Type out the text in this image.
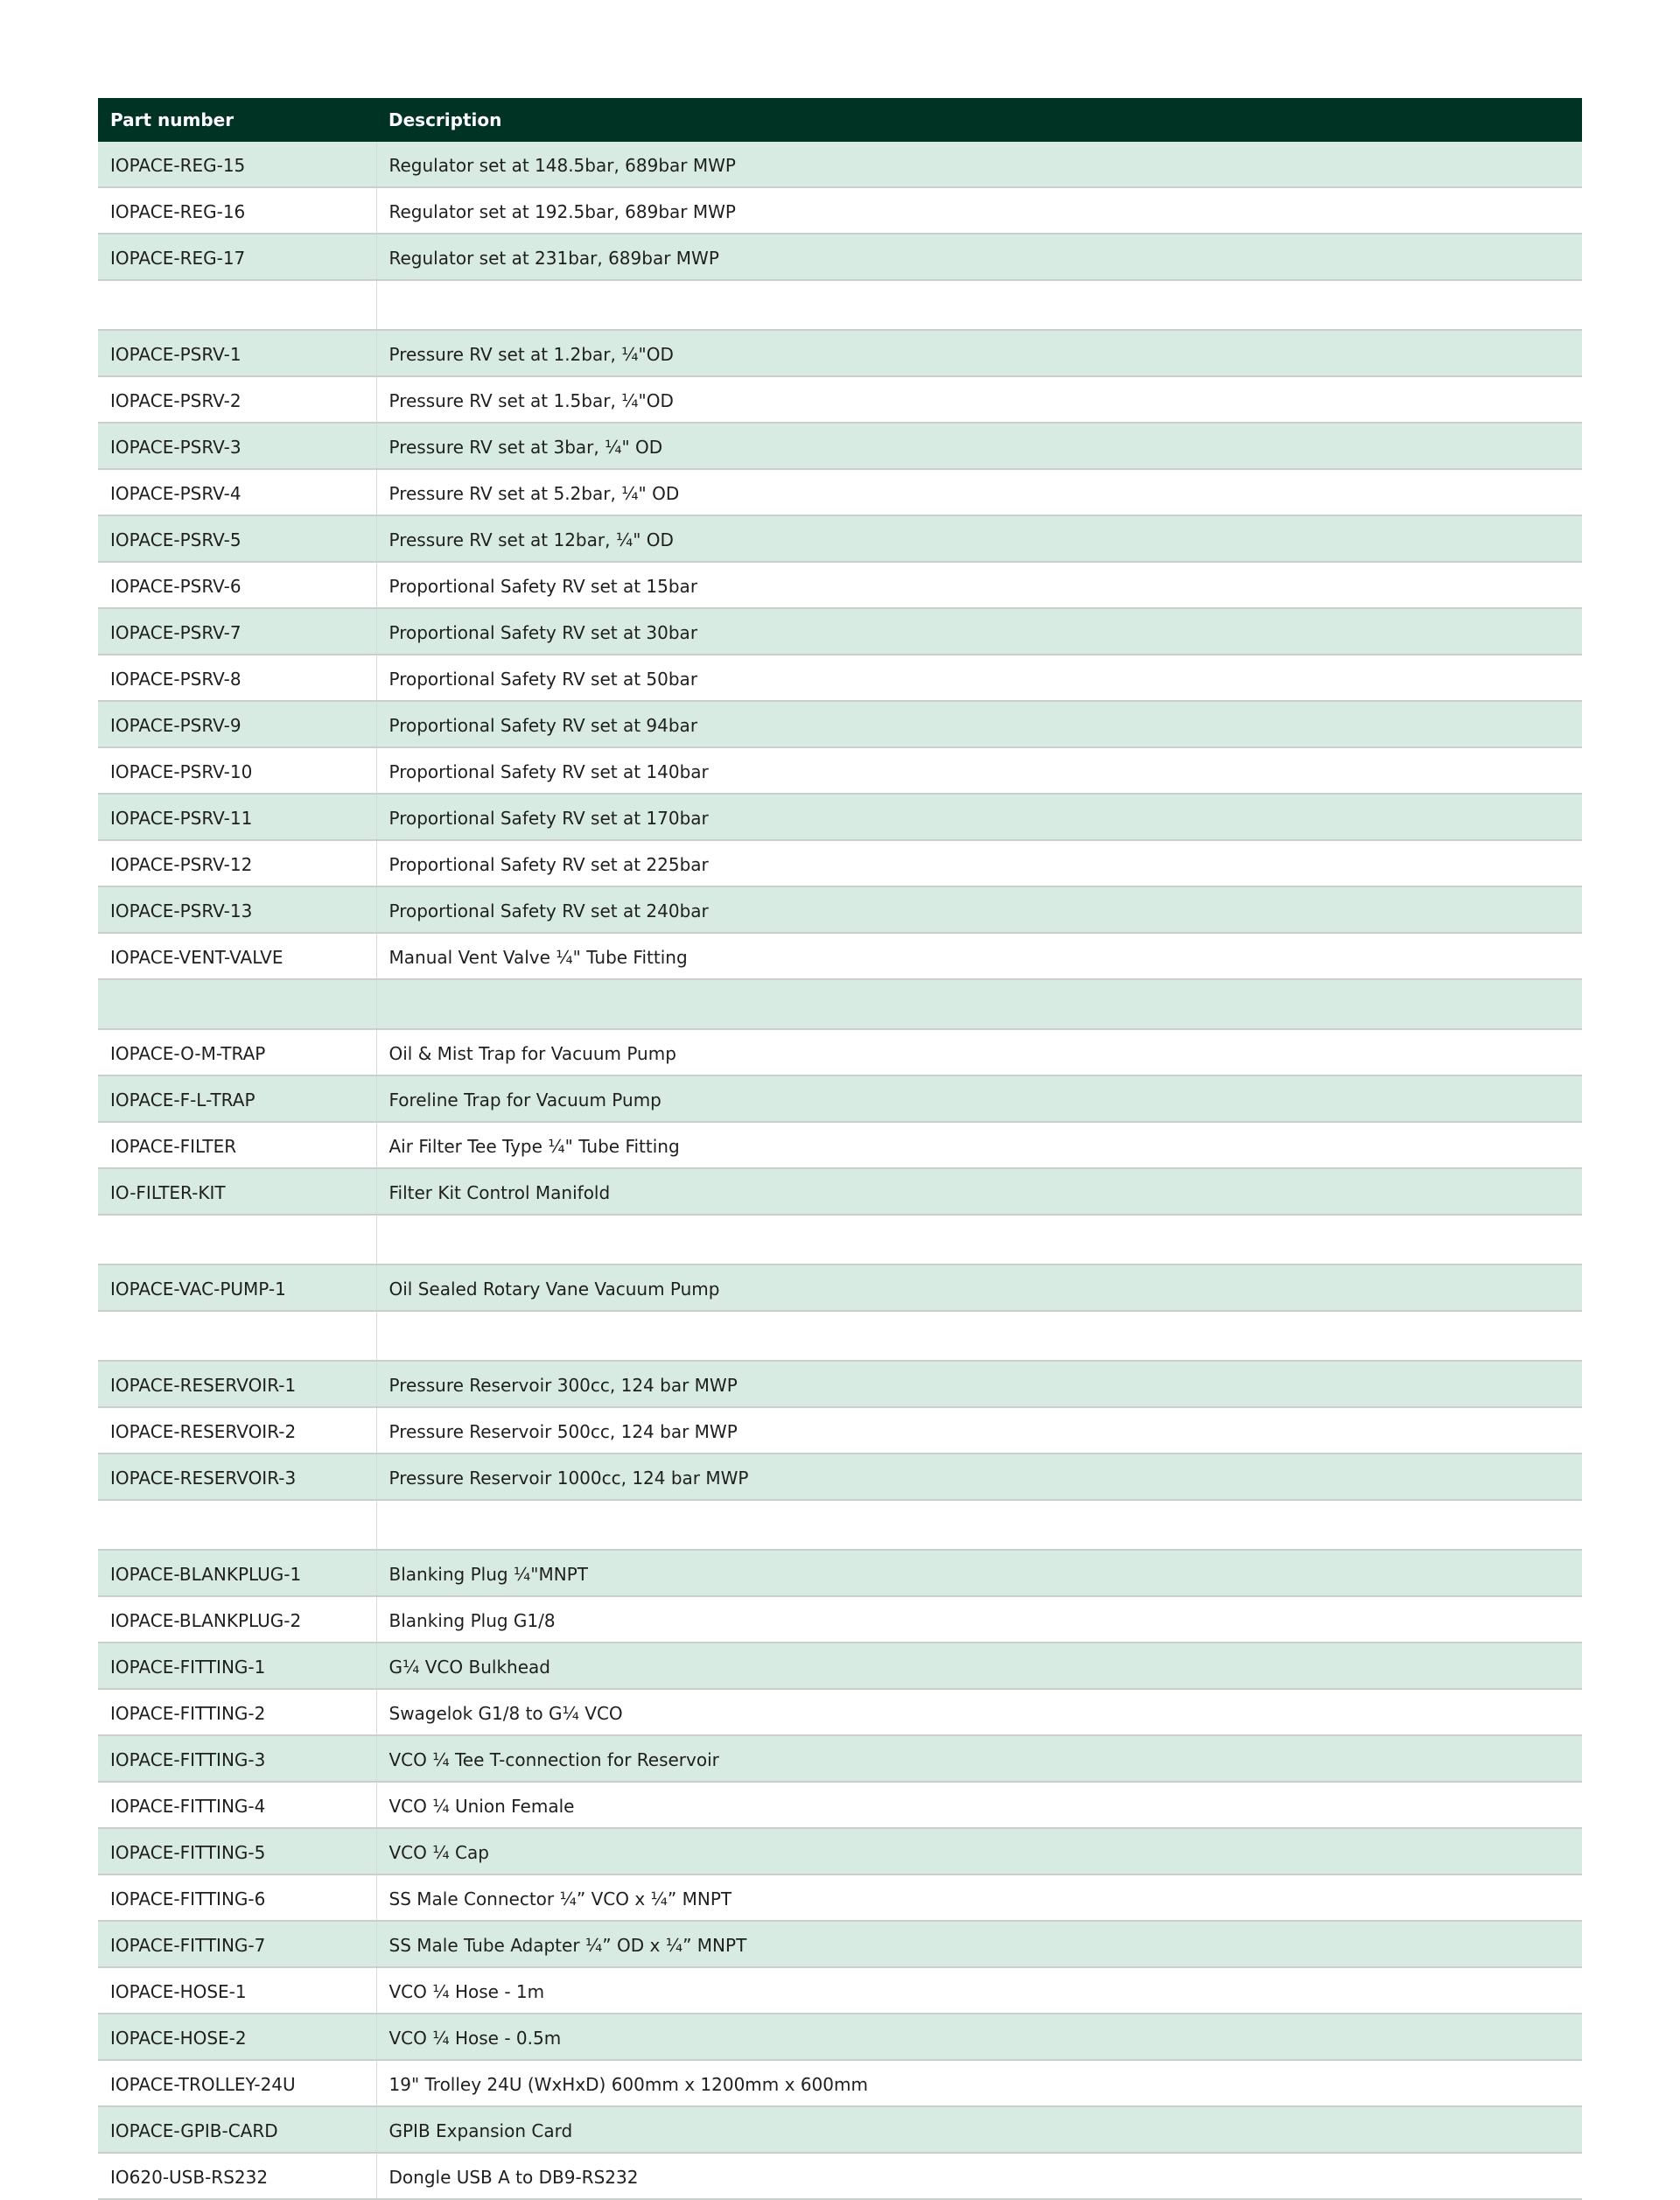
Part number	Description
IOPACE-REG-15	Regulator set at 148.5bar, 689bar MWP
IOPACE-REG-16	Regulator set at 192.5bar, 689bar MWP
IOPACE-REG-17	Regulator set at 231bar, 689bar MWP

IOPACE-PSRV-1	Pressure RV set at 1.2bar, ¼"OD
IOPACE-PSRV-2	Pressure RV set at 1.5bar, ¼"OD
IOPACE-PSRV-3	Pressure RV set at 3bar, ¼" OD
IOPACE-PSRV-4	Pressure RV set at 5.2bar, ¼" OD
IOPACE-PSRV-5	Pressure RV set at 12bar, ¼" OD
IOPACE-PSRV-6	Proportional Safety RV set at 15bar
IOPACE-PSRV-7	Proportional Safety RV set at 30bar
IOPACE-PSRV-8	Proportional Safety RV set at 50bar
IOPACE-PSRV-9	Proportional Safety RV set at 94bar
IOPACE-PSRV-10	Proportional Safety RV set at 140bar
IOPACE-PSRV-11	Proportional Safety RV set at 170bar
IOPACE-PSRV-12	Proportional Safety RV set at 225bar
IOPACE-PSRV-13	Proportional Safety RV set at 240bar
IOPACE-VENT-VALVE	Manual Vent Valve ¼" Tube Fitting

IOPACE-O-M-TRAP	Oil & Mist Trap for Vacuum Pump
IOPACE-F-L-TRAP	Foreline Trap for Vacuum Pump
IOPACE-FILTER	Air Filter Tee Type ¼" Tube Fitting
IO-FILTER-KIT	Filter Kit Control Manifold

IOPACE-VAC-PUMP-1	Oil Sealed Rotary Vane Vacuum Pump

IOPACE-RESERVOIR-1	Pressure Reservoir 300cc, 124 bar MWP
IOPACE-RESERVOIR-2	Pressure Reservoir 500cc, 124 bar MWP
IOPACE-RESERVOIR-3	Pressure Reservoir 1000cc, 124 bar MWP

IOPACE-BLANKPLUG-1	Blanking Plug ¼"MNPT
IOPACE-BLANKPLUG-2	Blanking Plug G1/8
IOPACE-FITTING-1	G¼ VCO Bulkhead
IOPACE-FITTING-2	Swagelok G1/8 to G¼ VCO
IOPACE-FITTING-3	VCO ¼ Tee T-connection for Reservoir
IOPACE-FITTING-4	VCO ¼ Union Female
IOPACE-FITTING-5	VCO ¼ Cap
IOPACE-FITTING-6	SS Male Connector ¼” VCO x ¼” MNPT
IOPACE-FITTING-7	SS Male Tube Adapter ¼” OD x ¼” MNPT
IOPACE-HOSE-1	VCO ¼ Hose - 1m
IOPACE-HOSE-2	VCO ¼ Hose - 0.5m
IOPACE-TROLLEY-24U	19" Trolley 24U (WxHxD) 600mm x 1200mm x 600mm
IOPACE-GPIB-CARD	GPIB Expansion Card
IO620-USB-RS232	Dongle USB A to DB9-RS232
